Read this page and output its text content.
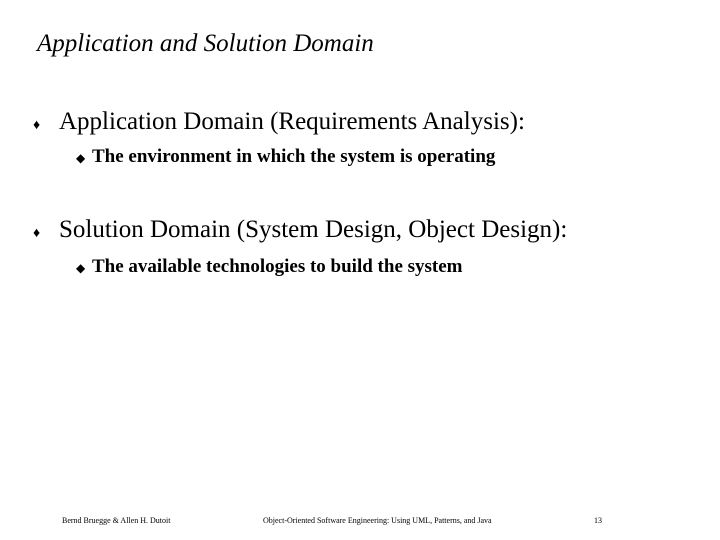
Application and Solution Domain
♦ Application Domain (Requirements Analysis):
◆ The environment in which the system is operating
♦ Solution Domain (System Design, Object Design):
◆ The available technologies to build the system
Bernd Bruegge & Allen H. Dutoit	Object-Oriented Software Engineering: Using UML, Patterns, and Java	13
